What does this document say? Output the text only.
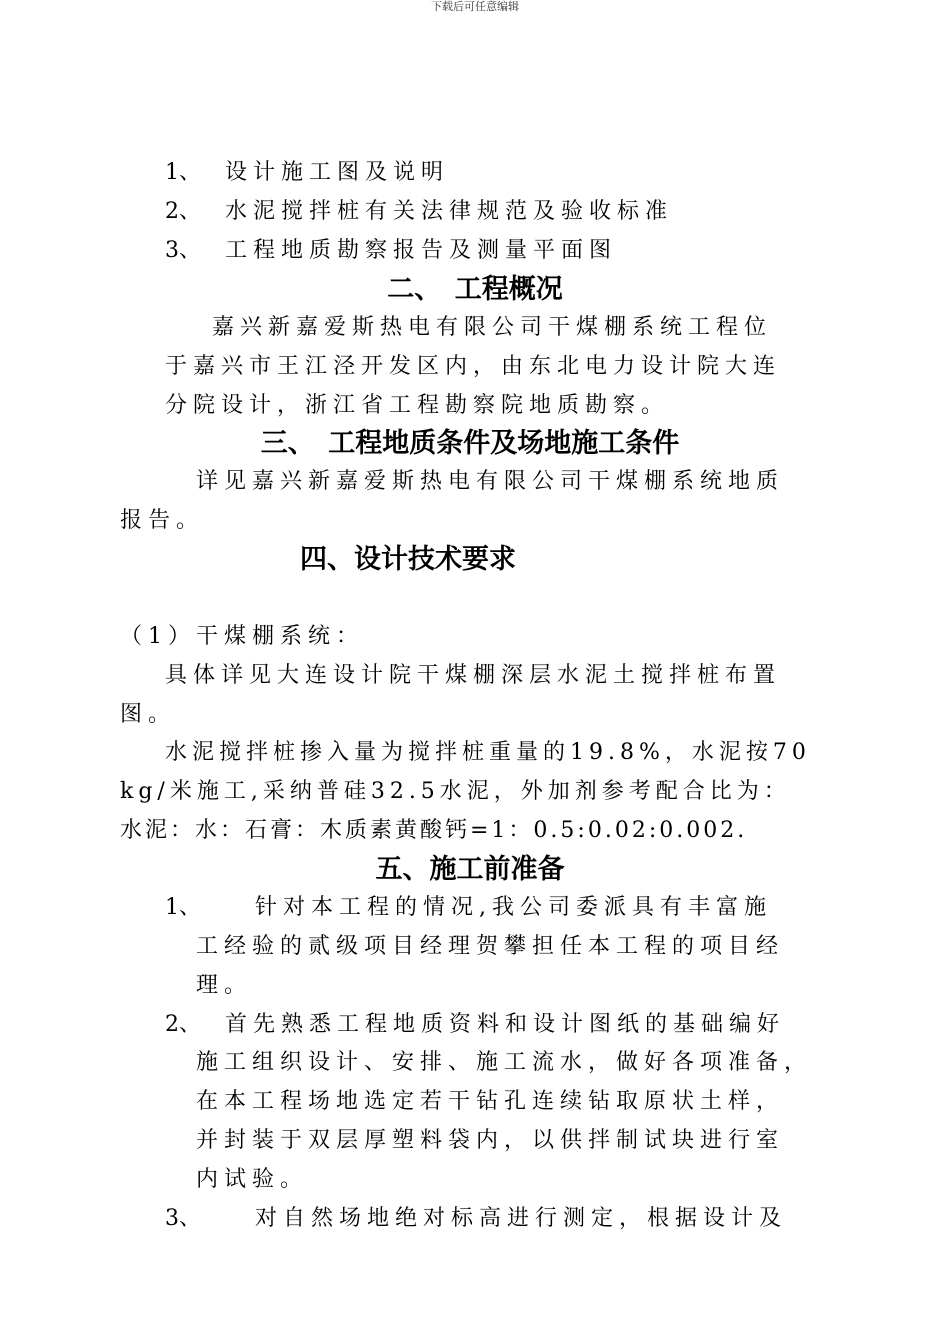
下载后可任意编辑
1、 设计施工图及说明
2、 水泥搅拌桩有关法律规范及验收标准
3、 工程地质勘察报告及测量平面图
二、　工程概况
嘉兴新嘉爱斯热电有限公司干煤棚系统工程位
于嘉兴市王江泾开发区内，由东北电力设计院大连
分院设计，浙江省工程勘察院地质勘察。
三、　工程地质条件及场地施工条件
详见嘉兴新嘉爱斯热电有限公司干煤棚系统地质
报告。
四、设计技术要求
（1）干煤棚系统：
具体详见大连设计院干煤棚深层水泥土搅拌桩布置
图。
水泥搅拌桩掺入量为搅拌桩重量的19.8%，水泥按70
kg/米施工,采纳普硅32.5水泥，外加剂参考配合比为：
水泥：水：石膏：木质素黄酸钙=1：0.5:0.02:0.002.
五、施工前准备
1、 针对本工程的情况,我公司委派具有丰富施
工经验的贰级项目经理贺攀担任本工程的项目经
理。
2、 首先熟悉工程地质资料和设计图纸的基础编好
施工组织设计、安排、施工流水，做好各项准备，
在本工程场地选定若干钻孔连续钻取原状土样，
并封装于双层厚塑料袋内，以供拌制试块进行室
内试验。
3、 对自然场地绝对标高进行测定，根据设计及
